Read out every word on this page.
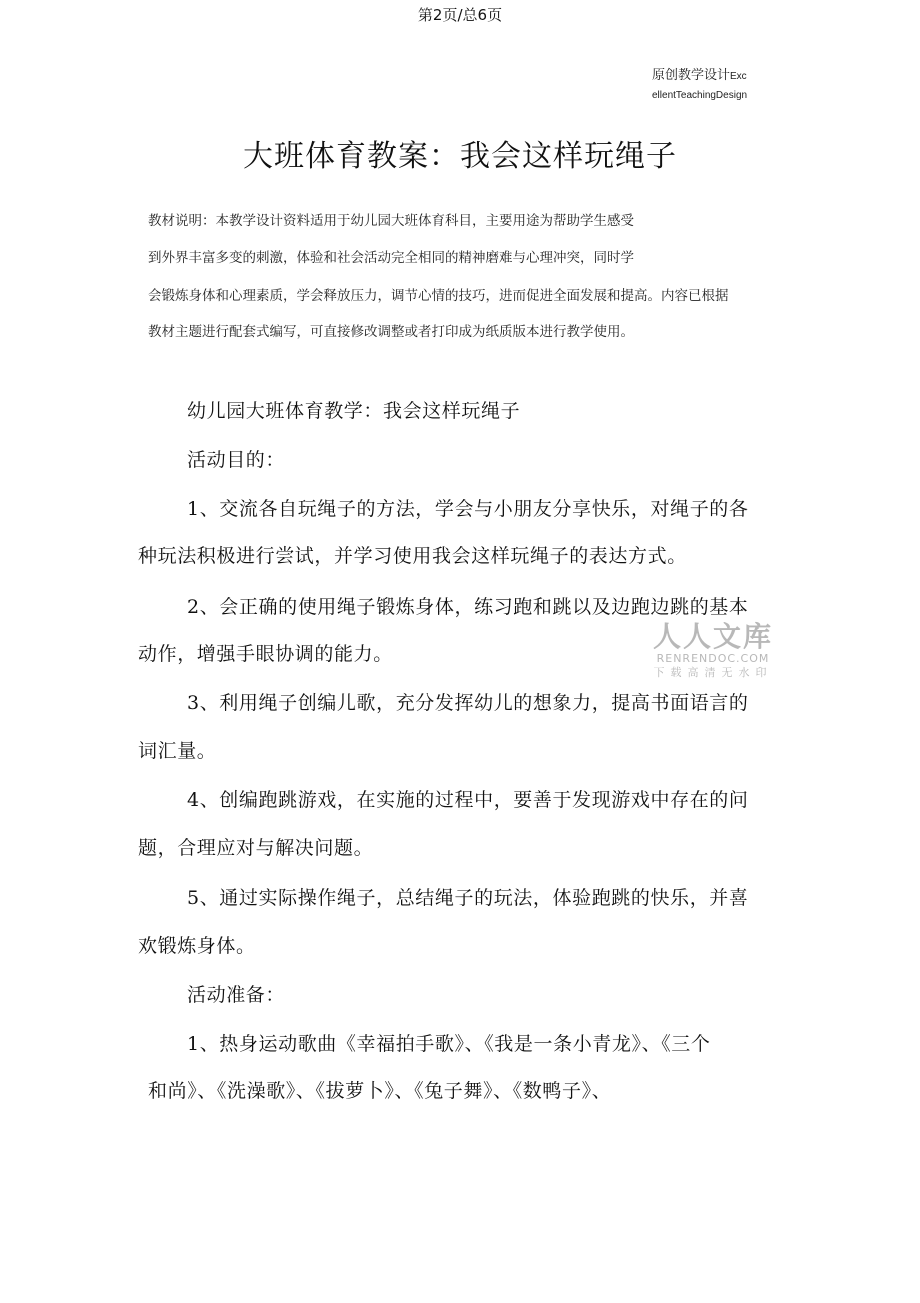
第2页/总6页
原创教学设计Exc
ellentTeachingDesign
大班体育教案：我会这样玩绳子
教材说明：本教学设计资料适用于幼儿园大班体育科目，主要用途为帮助学生感受
到外界丰富多变的刺激，体验和社会活动完全相同的精神磨难与心理冲突，同时学
会锻炼身体和心理素质，学会释放压力，调节心情的技巧，进而促进全面发展和提高。内容已根据
教材主题进行配套式编写，可直接修改调整或者打印成为纸质版本进行教学使用。
幼儿园大班体育教学：我会这样玩绳子
活动目的：
1、交流各自玩绳子的方法，学会与小朋友分享快乐，对绳子的各
种玩法积极进行尝试，并学习使用我会这样玩绳子的表达方式。
2、会正确的使用绳子锻炼身体，练习跑和跳以及边跑边跳的基本
动作，增强手眼协调的能力。
3、利用绳子创编儿歌，充分发挥幼儿的想象力，提高书面语言的
词汇量。
4、创编跑跳游戏，在实施的过程中，要善于发现游戏中存在的问
题，合理应对与解决问题。
5、通过实际操作绳子，总结绳子的玩法，体验跑跳的快乐，并喜
欢锻炼身体。
活动准备：
1、热身运动歌曲《幸福拍手歌》、《我是一条小青龙》、《三个
和尚》、《洗澡歌》、《拔萝卜》、《兔子舞》、《数鸭子》、
人人文库
RENRENDOC.COM
下载高清无水印
